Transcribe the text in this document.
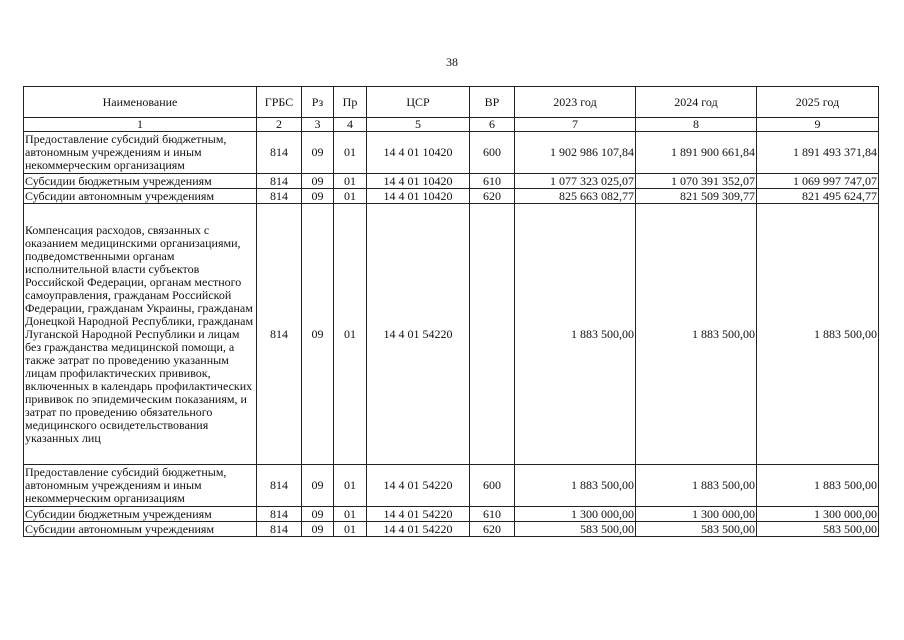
38
Наименование	ГРБС	Рз	Пр	ЦСР	ВР	2023 год	2024 год	2025 год
1	2	3	4	5	6	7	8	9
Предоставление субсидий бюджетным, автономным учреждениям и иным некоммерческим организациям	814	09	01	14 4 01 10420	600	1 902 986 107,84	1 891 900 661,84	1 891 493 371,84
Субсидии бюджетным учреждениям	814	09	01	14 4 01 10420	610	1 077 323 025,07	1 070 391 352,07	1 069 997 747,07
Субсидии автономным учреждениям	814	09	01	14 4 01 10420	620	825 663 082,77	821 509 309,77	821 495 624,77
Компенсация расходов, связанных с оказанием медицинскими организациями, подведомственными органам исполнительной власти субъектов Российской Федерации, органам местного самоуправления, гражданам Российской Федерации, гражданам Украины, гражданам Донецкой Народной Республики, гражданам Луганской Народной Республики и лицам без гражданства медицинской помощи, а также затрат по проведению указанным лицам профилактических прививок, включенных в календарь профилактических прививок по эпидемическим показаниям, и затрат по проведению обязательного медицинского освидетельствования указанных лиц	814	09	01	14 4 01 54220		1 883 500,00	1 883 500,00	1 883 500,00
Предоставление субсидий бюджетным, автономным учреждениям и иным некоммерческим организациям	814	09	01	14 4 01 54220	600	1 883 500,00	1 883 500,00	1 883 500,00
Субсидии бюджетным учреждениям	814	09	01	14 4 01 54220	610	1 300 000,00	1 300 000,00	1 300 000,00
Субсидии автономным учреждениям	814	09	01	14 4 01 54220	620	583 500,00	583 500,00	583 500,00
